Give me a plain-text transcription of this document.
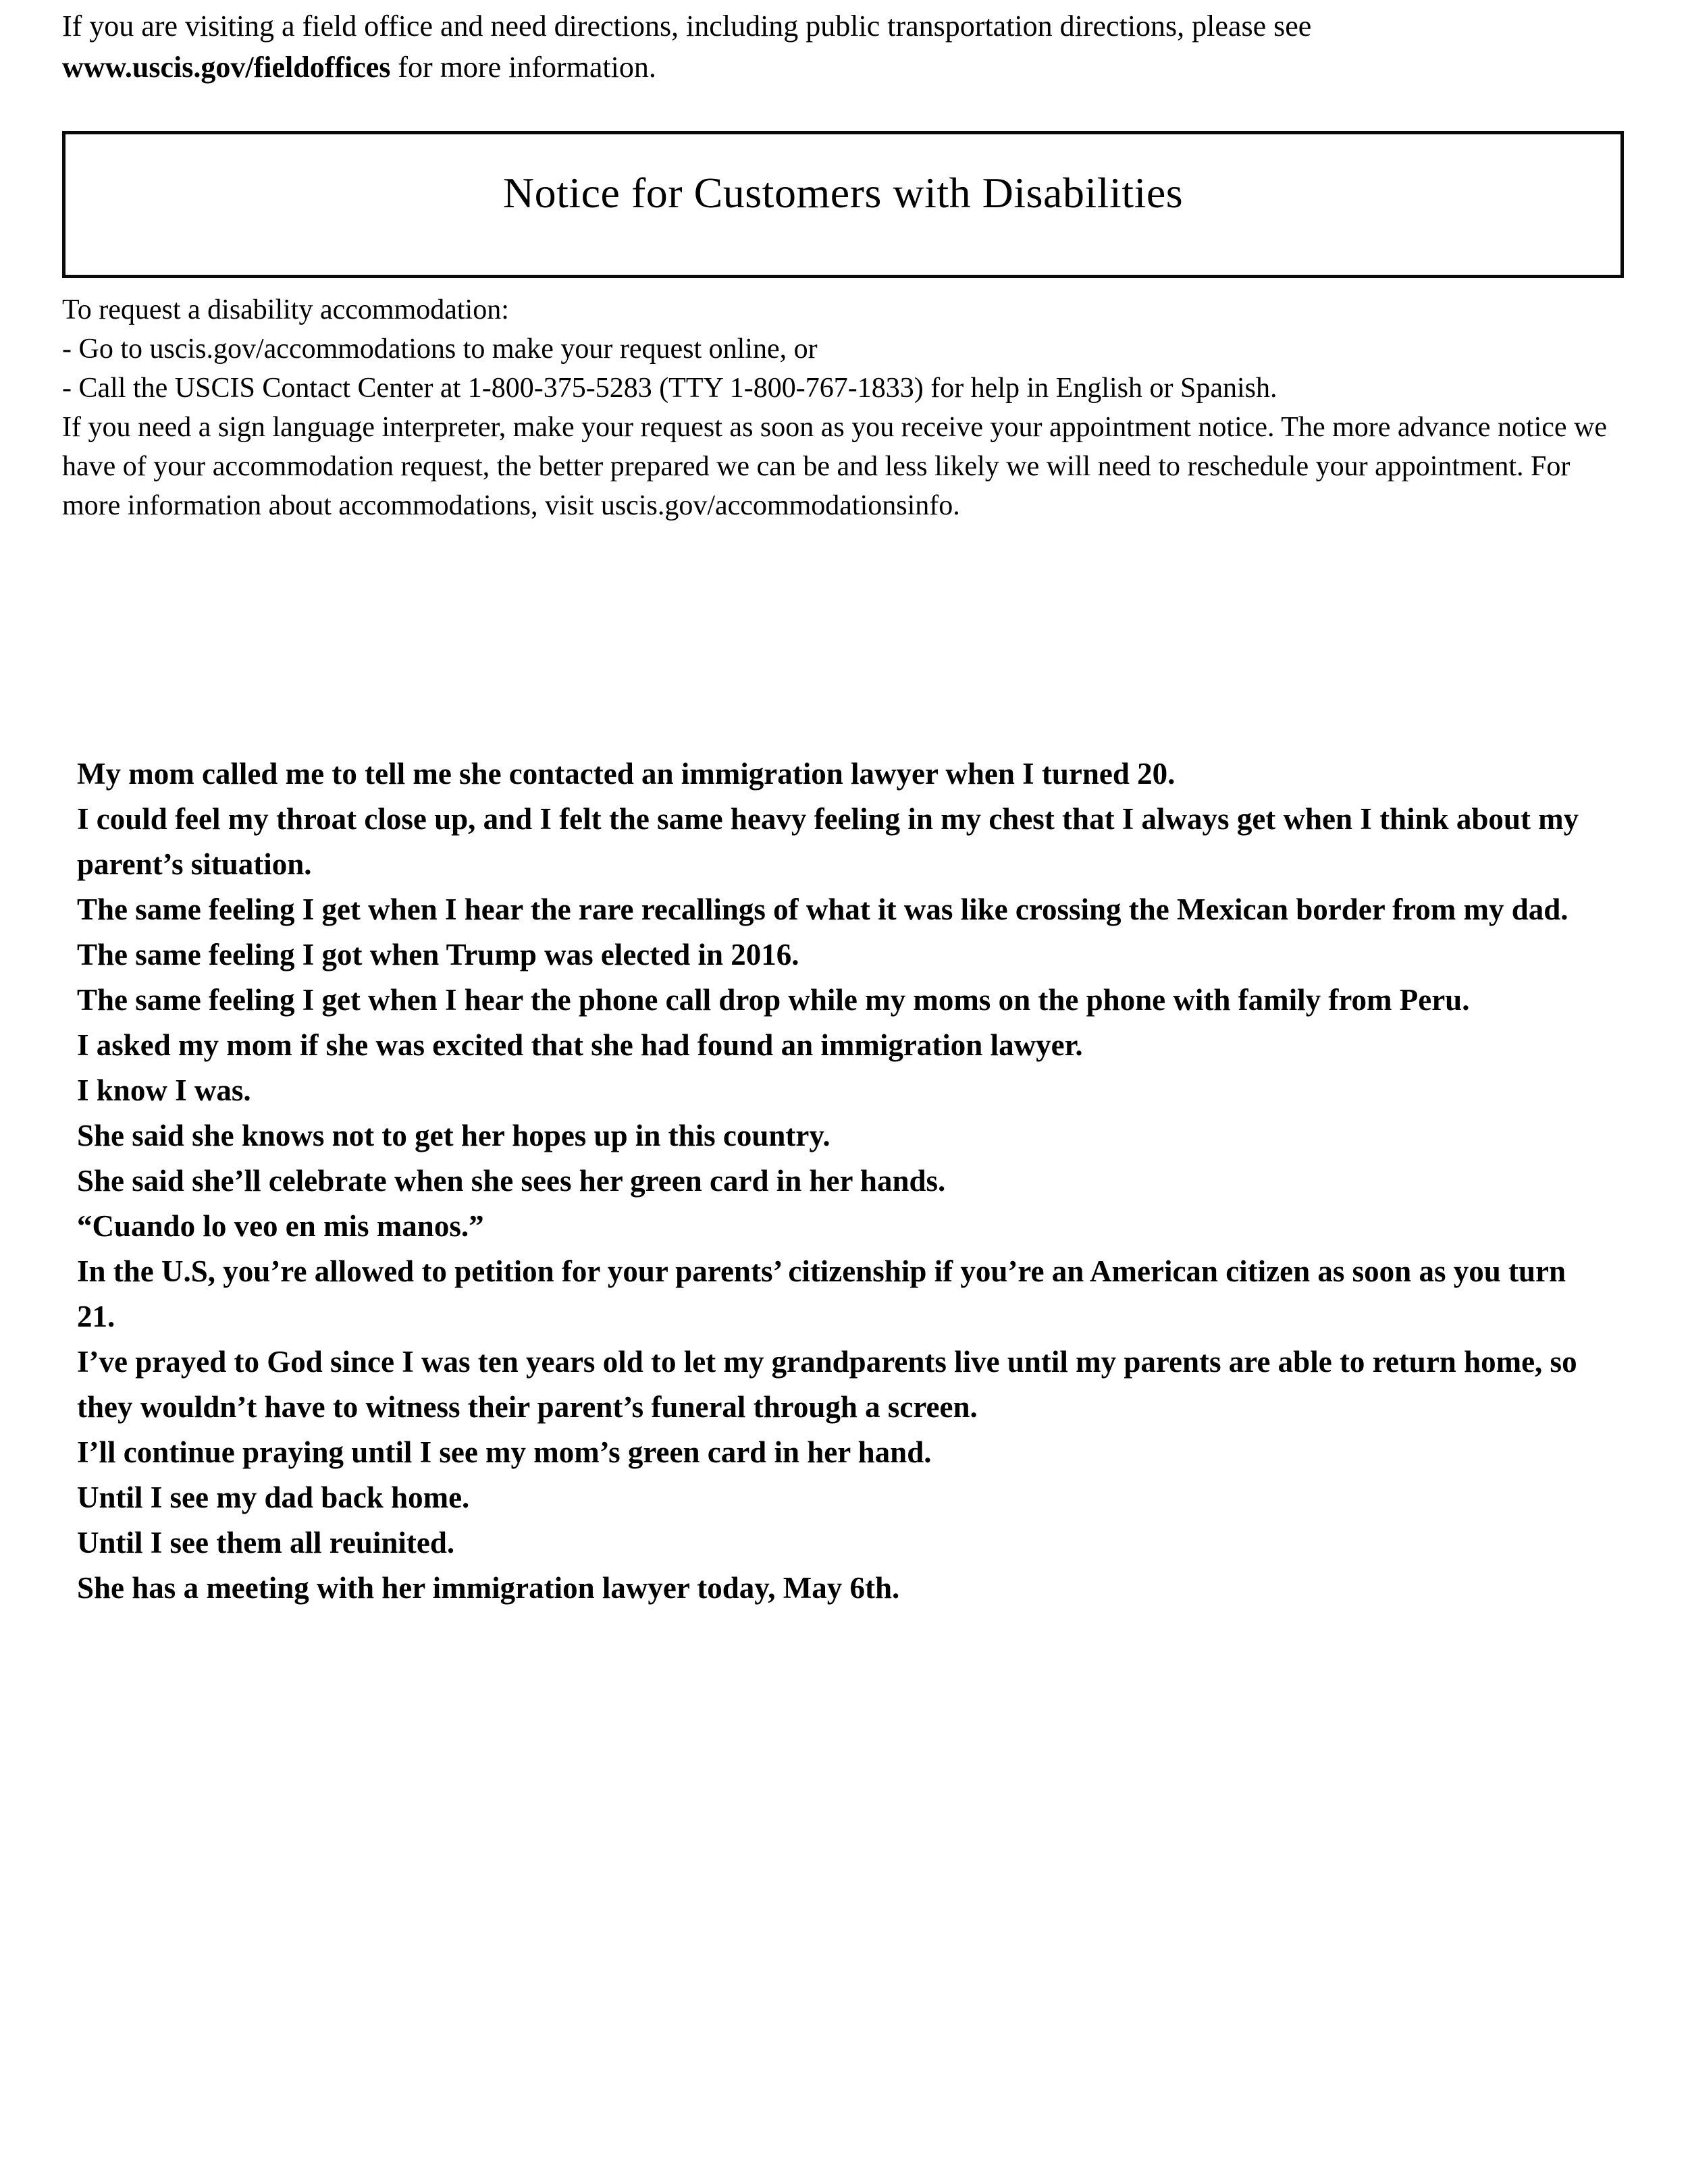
If you are visiting a field office and need directions, including public transportation directions, please see www.uscis.gov/fieldoffices for more information.
Notice for Customers with Disabilities
To request a disability accommodation:
- Go to uscis.gov/accommodations to make your request online, or
- Call the USCIS Contact Center at 1-800-375-5283 (TTY 1-800-767-1833) for help in English or Spanish.
If you need a sign language interpreter, make your request as soon as you receive your appointment notice. The more advance notice we have of your accommodation request, the better prepared we can be and less likely we will need to reschedule your appointment. For more information about accommodations, visit uscis.gov/accommodationsinfo.

My mom called me to tell me she contacted an immigration lawyer when I turned 20.

I could feel my throat close up, and I felt the same heavy feeling in my chest that I always get when I think about my parent’s situation.

The same feeling I get when I hear the rare recallings of what it was like crossing the Mexican border from my dad.

The same feeling I got when Trump was elected in 2016.

The same feeling I get when I hear the phone call drop while my moms on the phone with family from Peru.

I asked my mom if she was excited that she had found an immigration lawyer.

I know I was.

She said she knows not to get her hopes up in this country.

She said she’ll celebrate when she sees her green card in her hands.

“Cuando lo veo en mis manos.”

In the U.S, you’re allowed to petition for your parents’ citizenship if you’re an American citizen as soon as you turn 21.

I’ve prayed to God since I was ten years old to let my grandparents live until my parents are able to return home, so they wouldn’t have to witness their parent’s funeral through a screen.

I’ll continue praying until I see my mom’s green card in her hand.

Until I see my dad back home.

Until I see them all reuinited.

She has a meeting with her immigration lawyer today, May 6th.
